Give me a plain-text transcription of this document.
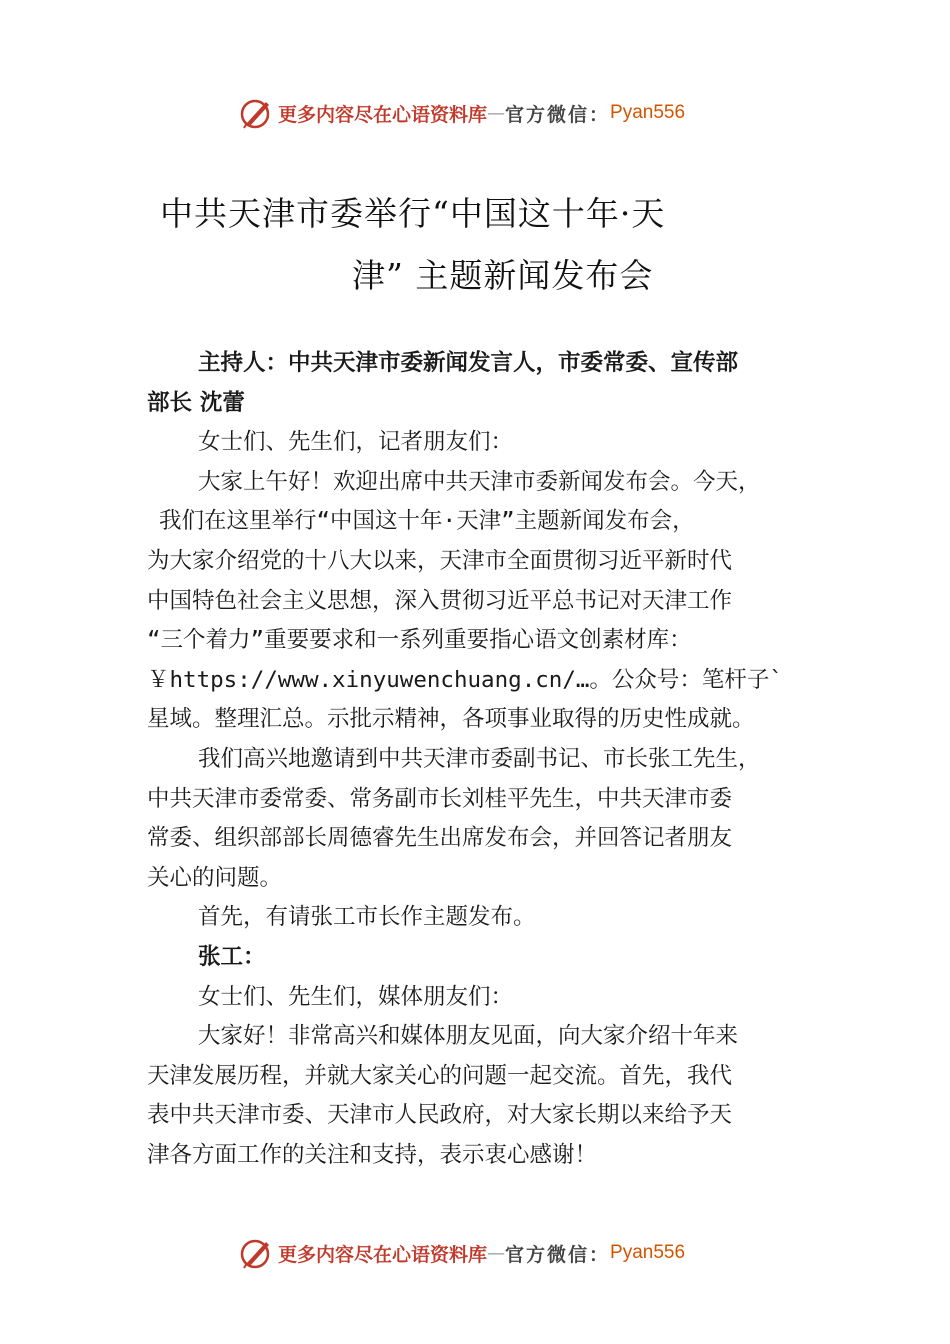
更多内容尽在心语资料库 — 官方微信： Pyan556
中共天津市委举行“中国这十年·天
津” 主题新闻发布会

主持人：中共天津市委新闻发言人，市委常委、宣传部

部长 沈蕾

女士们、先生们，记者朋友们：

大家上午好！欢迎出席中共天津市委新闻发布会。今天，

我们在这里举行“中国这十年·天津”主题新闻发布会，

为大家介绍党的十八大以来，天津市全面贯彻习近平新时代

中国特色社会主义思想，深入贯彻习近平总书记对天津工作

“三个着力”重要要求和一系列重要指心语文创素材库：

￥https://www.xinyuwenchuang.cn/…。公众号：笔杆子`

星域。整理汇总。示批示精神，各项事业取得的历史性成就。

我们高兴地邀请到中共天津市委副书记、市长张工先生，

中共天津市委常委、常务副市长刘桂平先生，中共天津市委

常委、组织部部长周德睿先生出席发布会，并回答记者朋友

关心的问题。

首先，有请张工市长作主题发布。

张工：

女士们、先生们，媒体朋友们：

大家好！非常高兴和媒体朋友见面，向大家介绍十年来

天津发展历程，并就大家关心的问题一起交流。首先，我代

表中共天津市委、天津市人民政府，对大家长期以来给予天

津各方面工作的关注和支持，表示衷心感谢！

更多内容尽在心语资料库 — 官方微信： Pyan556
